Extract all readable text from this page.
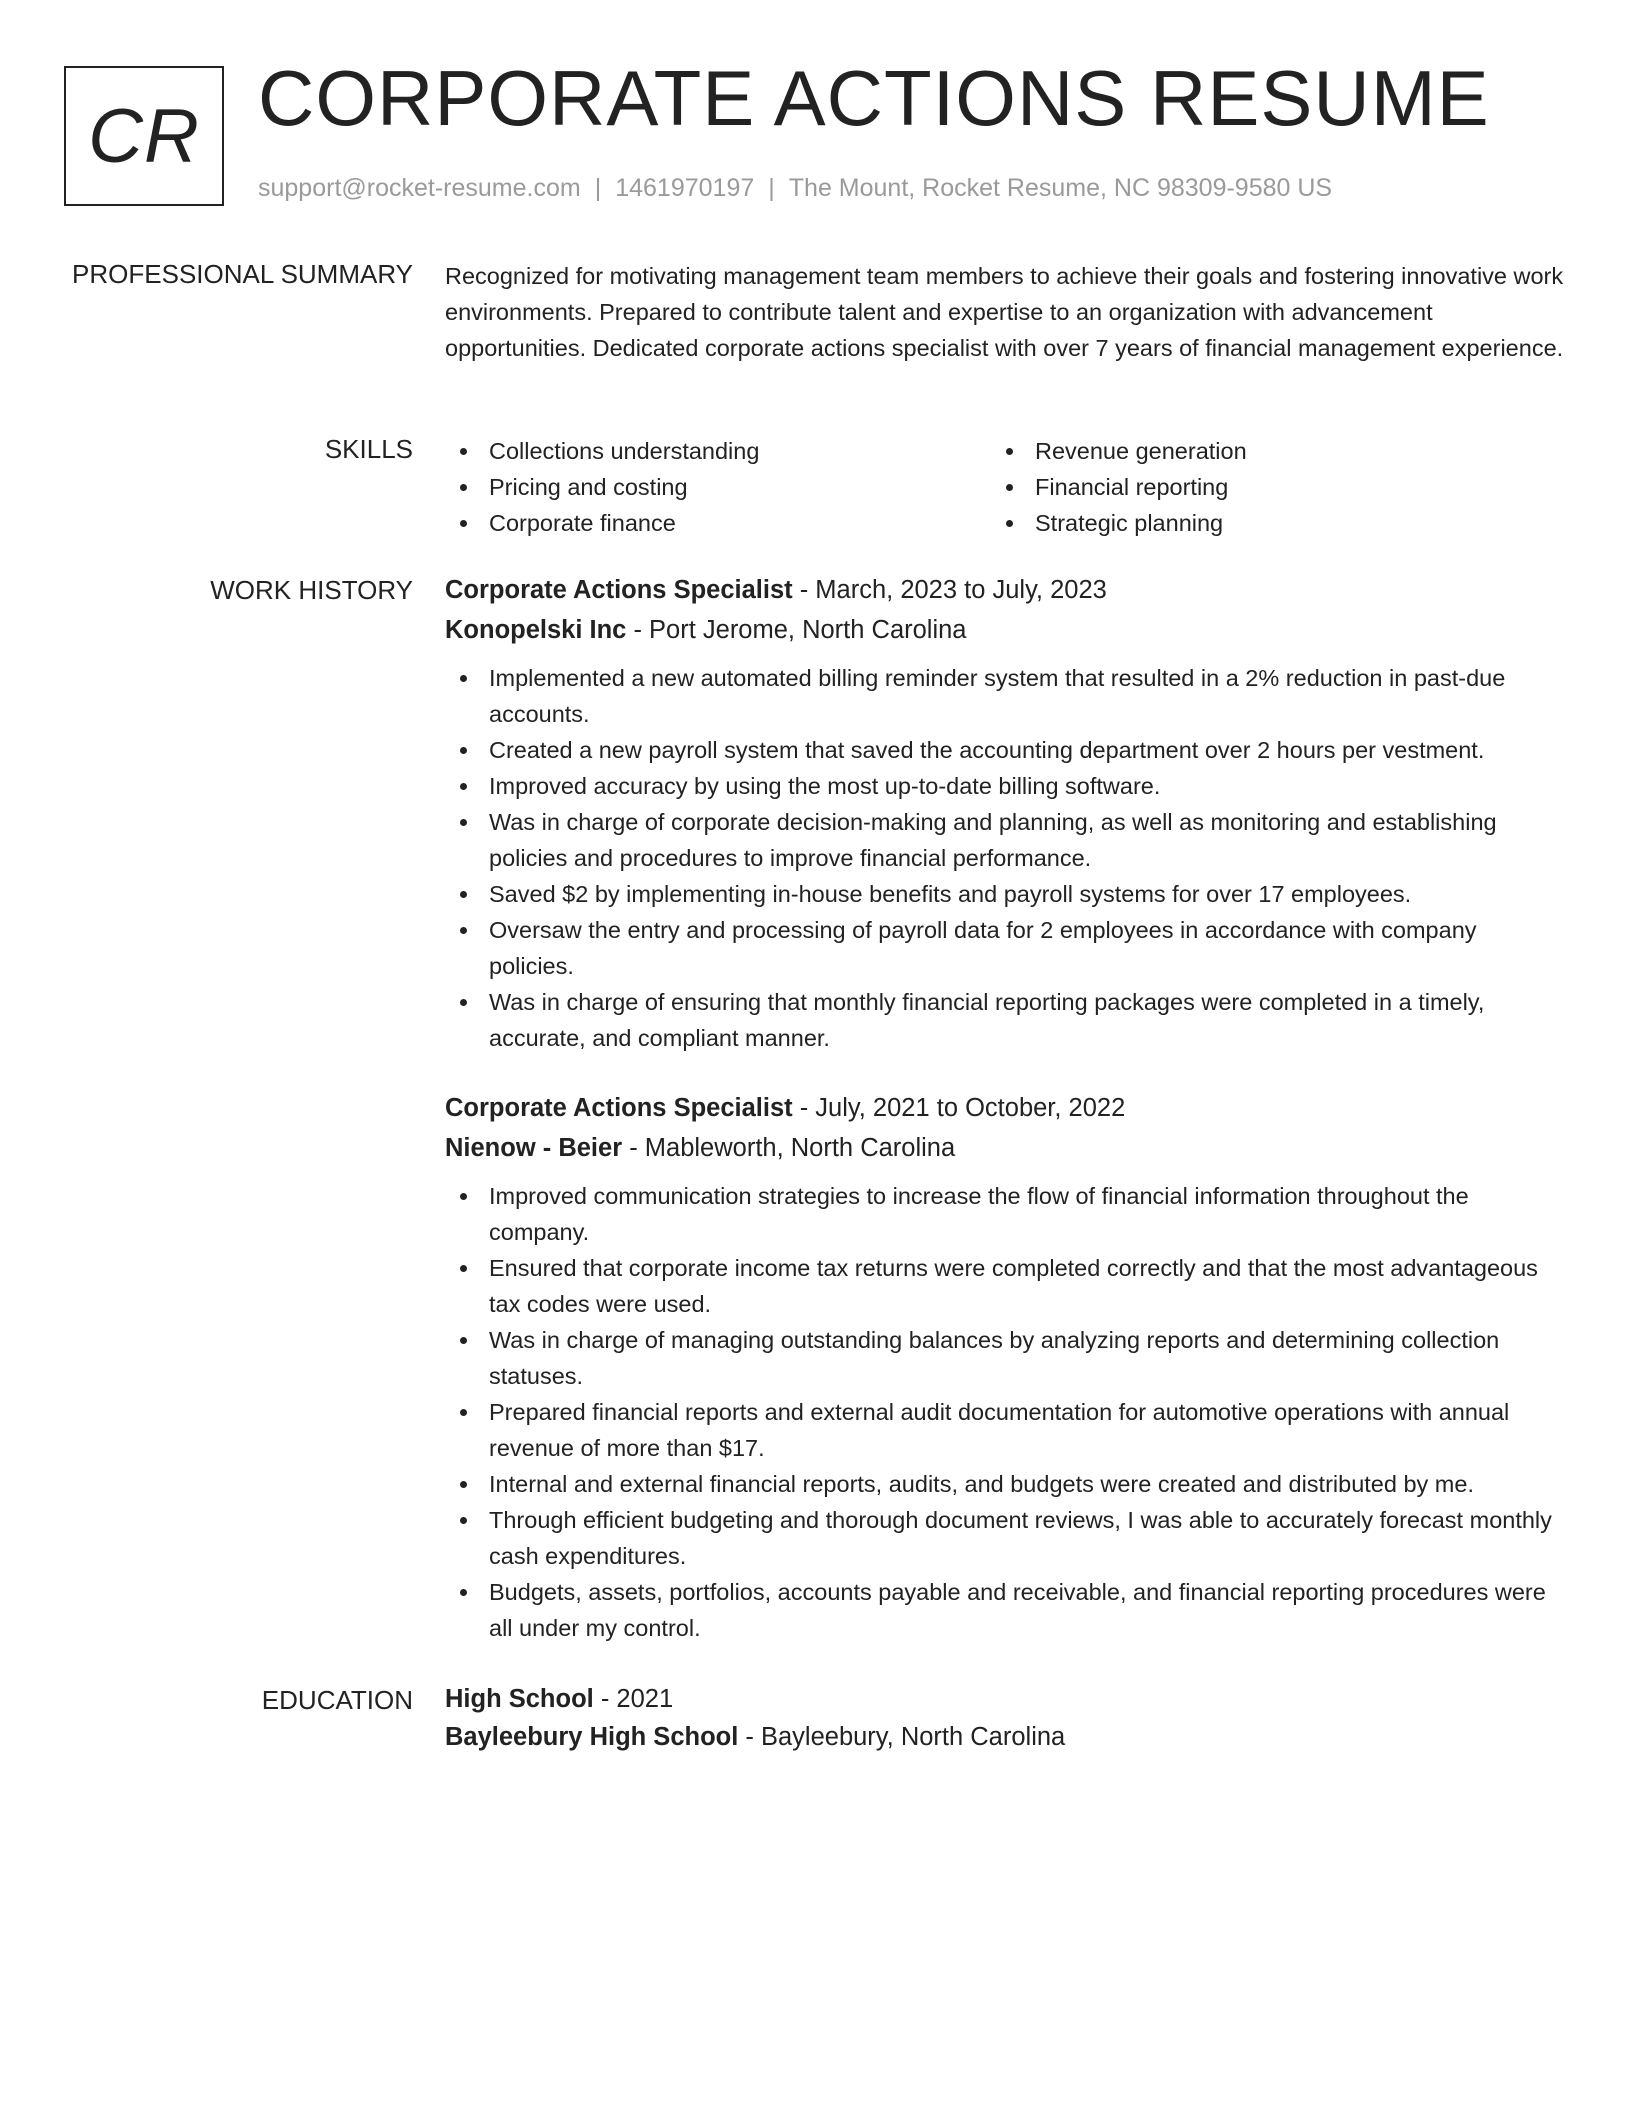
CR CORPORATE ACTIONS RESUME
support@rocket-resume.com | 1461970197 | The Mount, Rocket Resume, NC 98309-9580 US
PROFESSIONAL SUMMARY Recognized for motivating management team members to achieve their goals and fostering innovative work environments. Prepared to contribute talent and expertise to an organization with advancement opportunities. Dedicated corporate actions specialist with over 7 years of financial management experience.

SKILLS	Collections understanding	Revenue generation
Pricing and costing	Financial reporting
Corporate finance	Strategic planning
WORK HISTORY Corporate Actions Specialist - March, 2023 to July, 2023
Konopelski Inc - Port Jerome, North Carolina
Implemented a new automated billing reminder system that resulted in a 2% reduction in past-due accounts.
Created a new payroll system that saved the accounting department over 2 hours per vestment.
Improved accuracy by using the most up-to-date billing software.
Was in charge of corporate decision-making and planning, as well as monitoring and establishing policies and procedures to improve financial performance.
Saved $2 by implementing in-house benefits and payroll systems for over 17 employees.
Oversaw the entry and processing of payroll data for 2 employees in accordance with company policies.
Was in charge of ensuring that monthly financial reporting packages were completed in a timely, accurate, and compliant manner.
Corporate Actions Specialist - July, 2021 to October, 2022
Nienow - Beier - Mableworth, North Carolina
Improved communication strategies to increase the flow of financial information throughout the company.
Ensured that corporate income tax returns were completed correctly and that the most advantageous tax codes were used.
Was in charge of managing outstanding balances by analyzing reports and determining collection statuses.
Prepared financial reports and external audit documentation for automotive operations with annual revenue of more than $17.
Internal and external financial reports, audits, and budgets were created and distributed by me.
Through efficient budgeting and thorough document reviews, I was able to accurately forecast monthly cash expenditures.
Budgets, assets, portfolios, accounts payable and receivable, and financial reporting procedures were all under my control.
EDUCATION High School - 2021
Bayleebury High School - Bayleebury, North Carolina
